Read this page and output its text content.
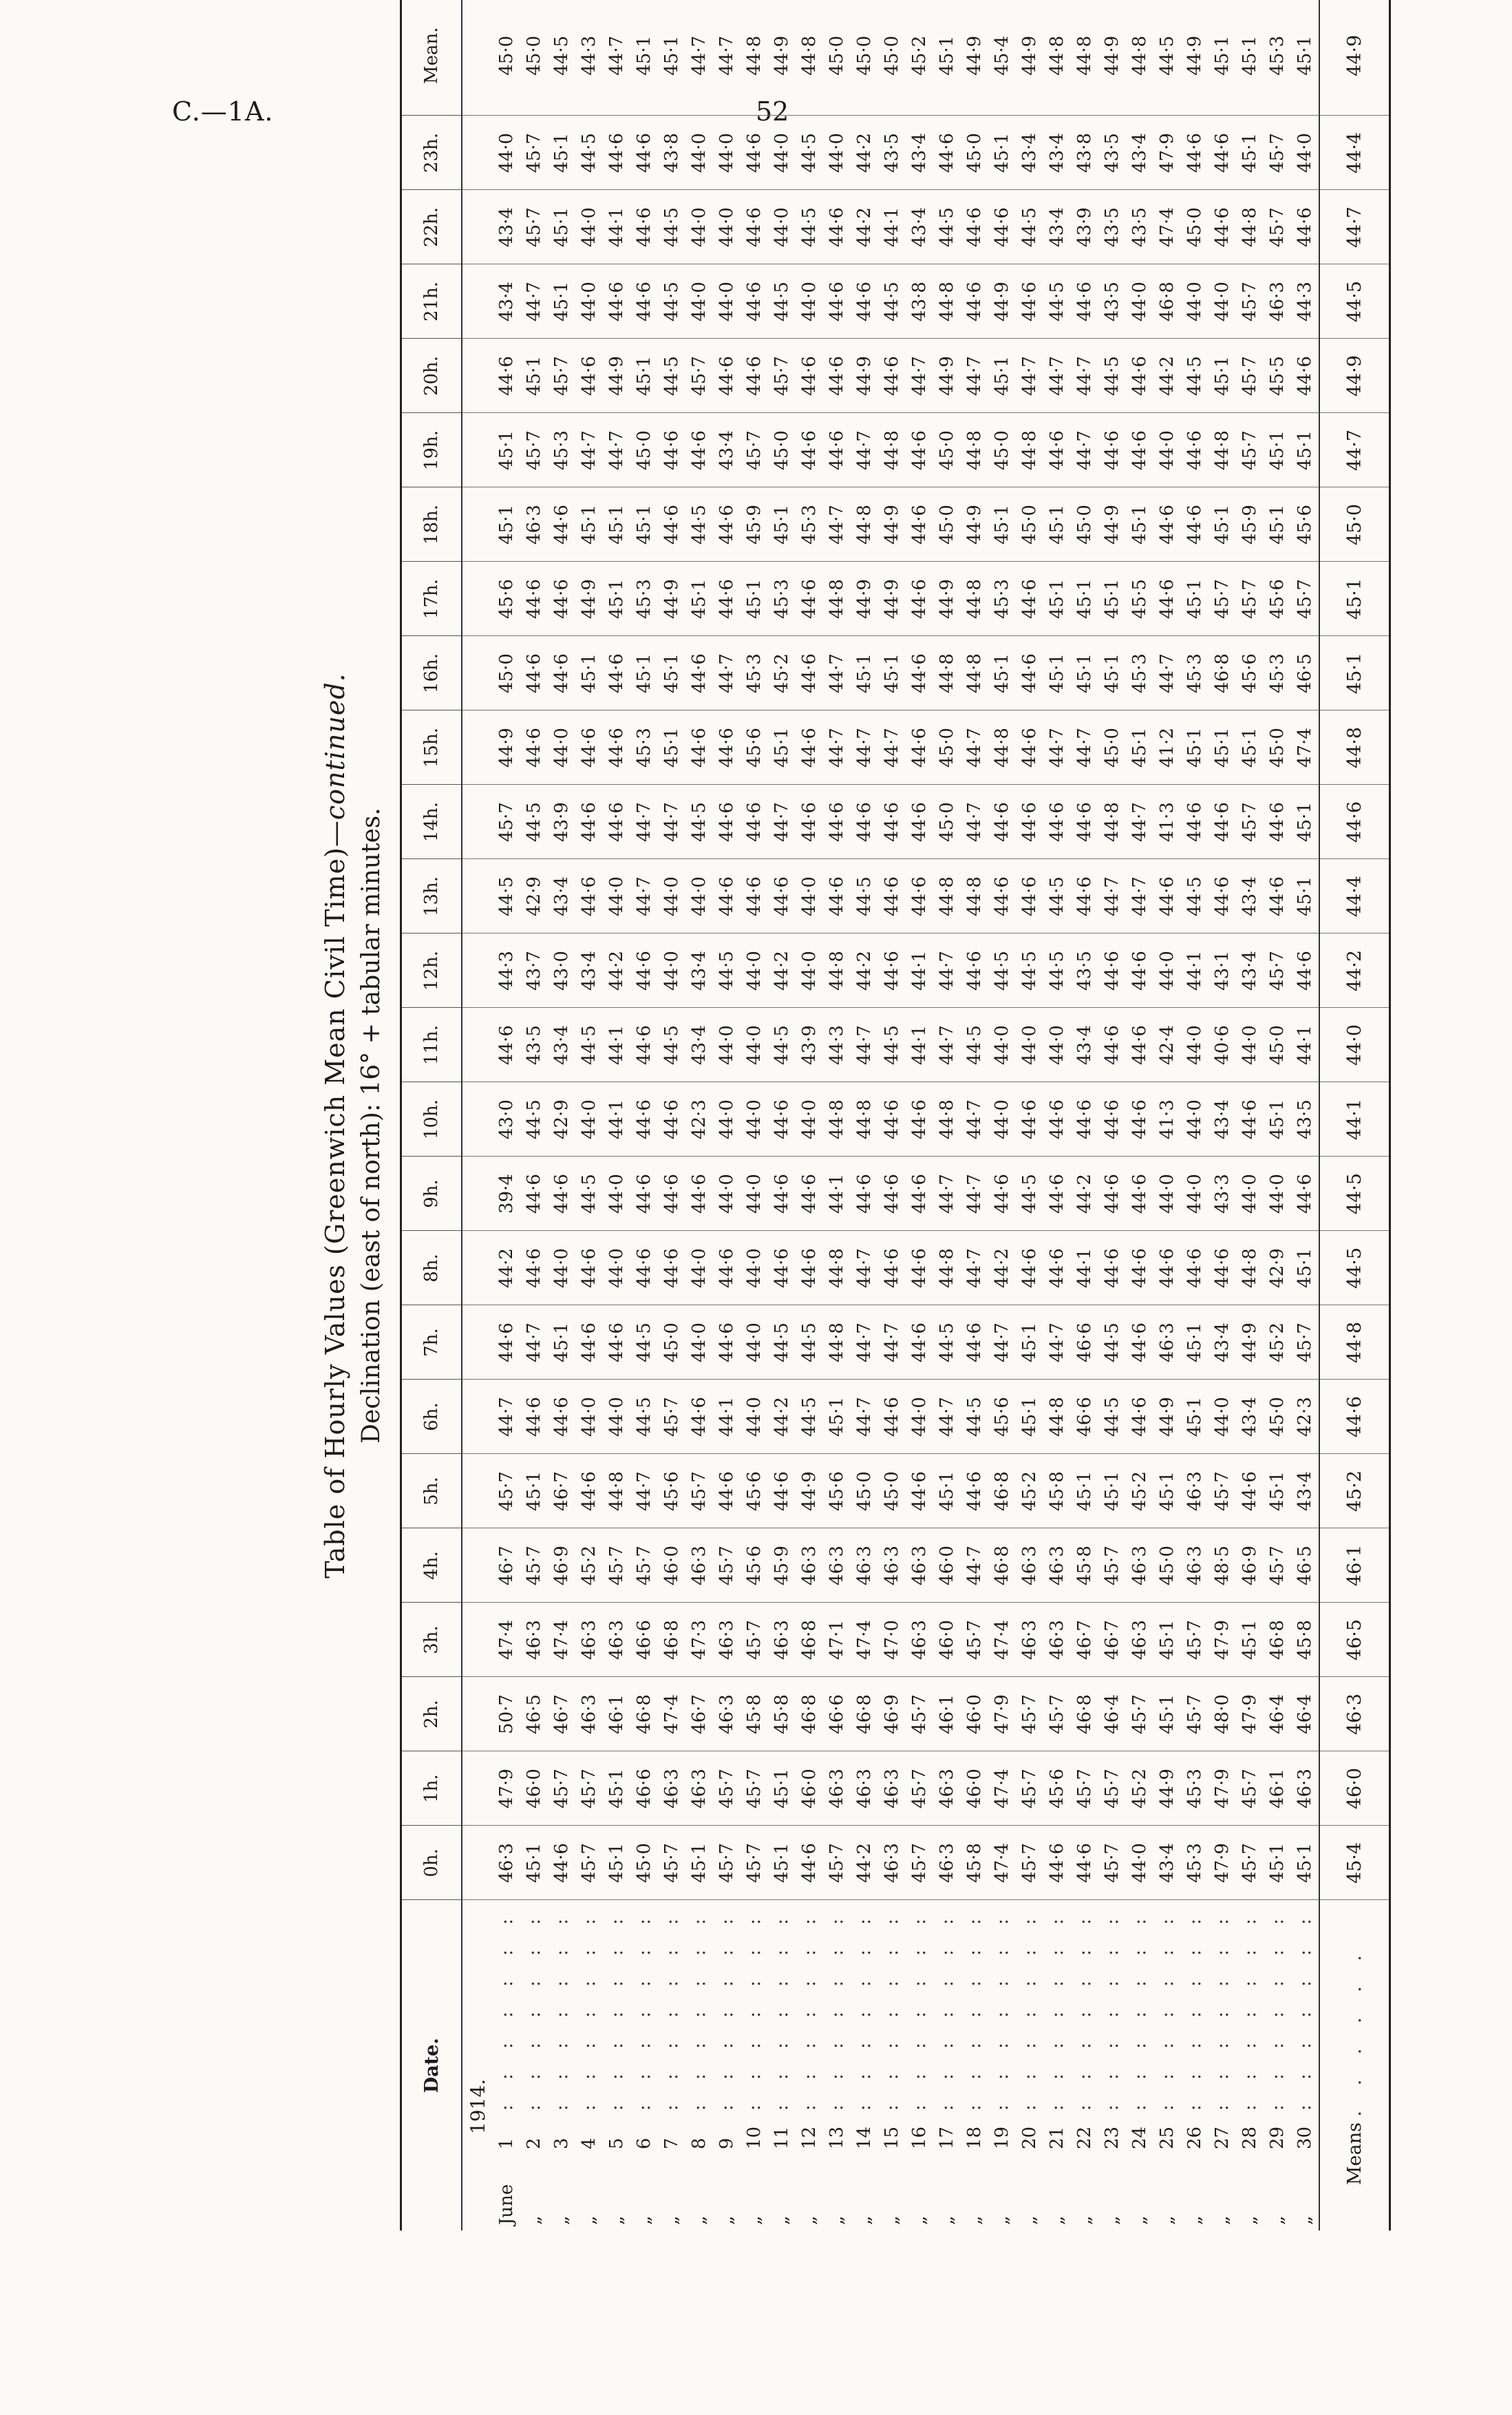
C.—1A.	52
Table of Hourly Values (Greenwich Mean Civil Time)—continued.
Declination (east of north): 16° + tabular minutes.
Date.	0h.	1h.	2h.	3h.	4h.	5h.	6h.	7h.	8h.	9h.	10h.	11h.	12h.	13h.	14h.	15h.	16h.	17h.	18h.	19h.	20h.	21h.	22h.	23h.	Mean.
1914.																									
June1: : : : : : :	46·3	47·9	50·7	47·4	46·7	45·7	44·7	44·6	44·2	39·4	43·0	44·6	44·3	44·5	45·7	44·9	45·0	45·6	45·1	45·1	44·6	43·4	43·4	44·0	45·0
„2: : : : : : :	45·1	46·0	46·5	46·3	45·7	45·1	44·6	44·7	44·6	44·6	44·5	43·5	43·7	42·9	44·5	44·6	44·6	44·6	46·3	45·7	45·1	44·7	45·7	45·7	45·0
„3: : : : : : :	44·6	45·7	46·7	47·4	46·9	46·7	44·6	45·1	44·0	44·6	42·9	43·4	43·0	43·4	43·9	44·0	44·6	44·6	44·6	45·3	45·7	45·1	45·1	45·1	44·5
„4: : : : : : :	45·7	45·7	46·3	46·3	45·2	44·6	44·0	44·6	44·6	44·5	44·0	44·5	43·4	44·6	44·6	44·6	45·1	44·9	45·1	44·7	44·6	44·0	44·0	44·5	44·3
„5: : : : : : :	45·1	45·1	46·1	46·3	45·7	44·8	44·0	44·6	44·0	44·0	44·1	44·1	44·2	44·0	44·6	44·6	44·6	45·1	45·1	44·7	44·9	44·6	44·1	44·6	44·7
„6: : : : : : :	45·0	46·6	46·8	46·6	45·7	44·7	44·5	44·5	44·6	44·6	44·6	44·6	44·6	44·7	44·7	45·3	45·1	45·3	45·1	45·0	45·1	44·6	44·6	44·6	45·1
„7: : : : : : :	45·7	46·3	47·4	46·8	46·0	45·6	45·7	45·0	44·6	44·6	44·6	44·5	44·0	44·0	44·7	45·1	45·1	44·9	44·6	44·6	44·5	44·5	44·5	43·8	45·1
„8: : : : : : :	45·1	46·3	46·7	47·3	46·3	45·7	44·6	44·0	44·0	44·6	42·3	43·4	43·4	44·0	44·5	44·6	44·6	45·1	44·5	44·6	45·7	44·0	44·0	44·0	44·7
„9: : : : : : :	45·7	45·7	46·3	46·3	45·7	44·6	44·1	44·6	44·6	44·0	44·0	44·0	44·5	44·6	44·6	44·6	44·7	44·6	44·6	43·4	44·6	44·0	44·0	44·0	44·7
„10: : : : : : :	45·7	45·7	45·8	45·7	45·6	45·6	44·0	44·0	44·0	44·0	44·0	44·0	44·0	44·6	44·6	45·6	45·3	45·1	45·9	45·7	44·6	44·6	44·6	44·6	44·8
„11: : : : : : :	45·1	45·1	45·8	46·3	45·9	44·6	44·2	44·5	44·6	44·6	44·6	44·5	44·2	44·6	44·7	45·1	45·2	45·3	45·1	45·0	45·7	44·5	44·0	44·0	44·9
„12: : : : : : :	44·6	46·0	46·8	46·8	46·3	44·9	44·5	44·5	44·6	44·6	44·0	43·9	44·0	44·0	44·6	44·6	44·6	44·6	45·3	44·6	44·6	44·0	44·5	44·5	44·8
„13: : : : : : :	45·7	46·3	46·6	47·1	46·3	45·6	45·1	44·8	44·8	44·1	44·8	44·3	44·8	44·6	44·6	44·7	44·7	44·8	44·7	44·6	44·6	44·6	44·6	44·0	45·0
„14: : : : : : :	44·2	46·3	46·8	47·4	46·3	45·0	44·7	44·7	44·7	44·6	44·8	44·7	44·2	44·5	44·6	44·7	45·1	44·9	44·8	44·7	44·9	44·6	44·2	44·2	45·0
„15: : : : : : :	46·3	46·3	46·9	47·0	46·3	45·0	44·6	44·7	44·6	44·6	44·6	44·5	44·6	44·6	44·6	44·7	45·1	44·9	44·9	44·8	44·6	44·5	44·1	43·5	45·0
„16: : : : : : :	45·7	45·7	45·7	46·3	46·3	44·6	44·0	44·6	44·6	44·6	44·6	44·1	44·1	44·6	44·6	44·6	44·6	44·6	44·6	44·6	44·7	43·8	43·4	43·4	45·2
„17: : : : : : :	46·3	46·3	46·1	46·0	46·0	45·1	44·7	44·5	44·8	44·7	44·8	44·7	44·7	44·8	45·0	45·0	44·8	44·9	45·0	45·0	44·9	44·8	44·5	44·6	45·1
„18: : : : : : :	45·8	46·0	46·0	45·7	44·7	44·6	44·5	44·6	44·7	44·7	44·7	44·5	44·6	44·8	44·7	44·7	44·8	44·8	44·9	44·8	44·7	44·6	44·6	45·0	44·9
„19: : : : : : :	47·4	47·4	47·9	47·4	46·8	46·8	45·6	44·7	44·2	44·6	44·0	44·0	44·5	44·6	44·6	44·8	45·1	45·3	45·1	45·0	45·1	44·9	44·6	45·1	45·4
„20: : : : : : :	45·7	45·7	45·7	46·3	46·3	45·2	45·1	45·1	44·6	44·5	44·6	44·0	44·5	44·6	44·6	44·6	44·6	44·6	45·0	44·8	44·7	44·6	44·5	43·4	44·9
„21: : : : : : :	44·6	45·6	45·7	46·3	46·3	45·8	44·8	44·7	44·6	44·6	44·6	44·0	44·5	44·5	44·6	44·7	45·1	45·1	45·1	44·6	44·7	44·5	43·4	43·4	44·8
„22: : : : : : :	44·6	45·7	46·8	46·7	45·8	45·1	46·6	46·6	44·1	44·2	44·6	43·4	43·5	44·6	44·6	44·7	45·1	45·1	45·0	44·7	44·7	44·6	43·9	43·8	44·8
„23: : : : : : :	45·7	45·7	46·4	46·7	45·7	45·1	44·5	44·5	44·6	44·6	44·6	44·6	44·6	44·7	44·8	45·0	45·1	45·1	44·9	44·6	44·5	43·5	43·5	43·5	44·9
„24: : : : : : :	44·0	45·2	45·7	46·3	46·3	45·2	44·6	44·6	44·6	44·6	44·6	44·6	44·6	44·7	44·7	45·1	45·3	45·5	45·1	44·6	44·6	44·0	43·5	43·4	44·8
„25: : : : : : :	43·4	44·9	45·1	45·1	45·0	45·1	44·9	46·3	44·6	44·0	41·3	42·4	44·0	44·6	41·3	41·2	44·7	44·6	44·6	44·0	44·2	46·8	47·4	47·9	44·5
„26: : : : : : :	45·3	45·3	45·7	45·7	46·3	46·3	45·1	45·1	44·6	44·0	44·0	44·0	44·1	44·5	44·6	45·1	45·3	45·1	44·6	44·6	44·5	44·0	45·0	44·6	44·9
„27: : : : : : :	47·9	47·9	48·0	47·9	48·5	45·7	44·0	43·4	44·6	43·3	43·4	40·6	43·1	44·6	44·6	45·1	46·8	45·7	45·1	44·8	45·1	44·0	44·6	44·6	45·1
„28: : : : : : :	45·7	45·7	47·9	45·1	46·9	44·6	43·4	44·9	44·8	44·0	44·6	44·0	43·4	43·4	45·7	45·1	45·6	45·7	45·9	45·7	45·7	45·7	44·8	45·1	45·1
„29: : : : : : :	45·1	46·1	46·4	46·8	45·7	45·1	45·0	45·2	42·9	44·0	45·1	45·0	45·7	44·6	44·6	45·0	45·3	45·6	45·1	45·1	45·5	46·3	45·7	45·7	45·3
„30: : : : : : :	45·1	46·3	46·4	45·8	46·5	43·4	42·3	45·7	45·1	44·6	43·5	44·1	44·6	45·1	45·1	47·4	46·5	45·7	45·6	45·1	44·6	44·3	44·6	44·0	45·1
Means . . . . . .	45·4	46·0	46·3	46·5	46·1	45·2	44·6	44·8	44·5	44·5	44·1	44·0	44·2	44·4	44·6	44·8	45·1	45·1	45·0	44·7	44·9	44·5	44·7	44·4	44·9
